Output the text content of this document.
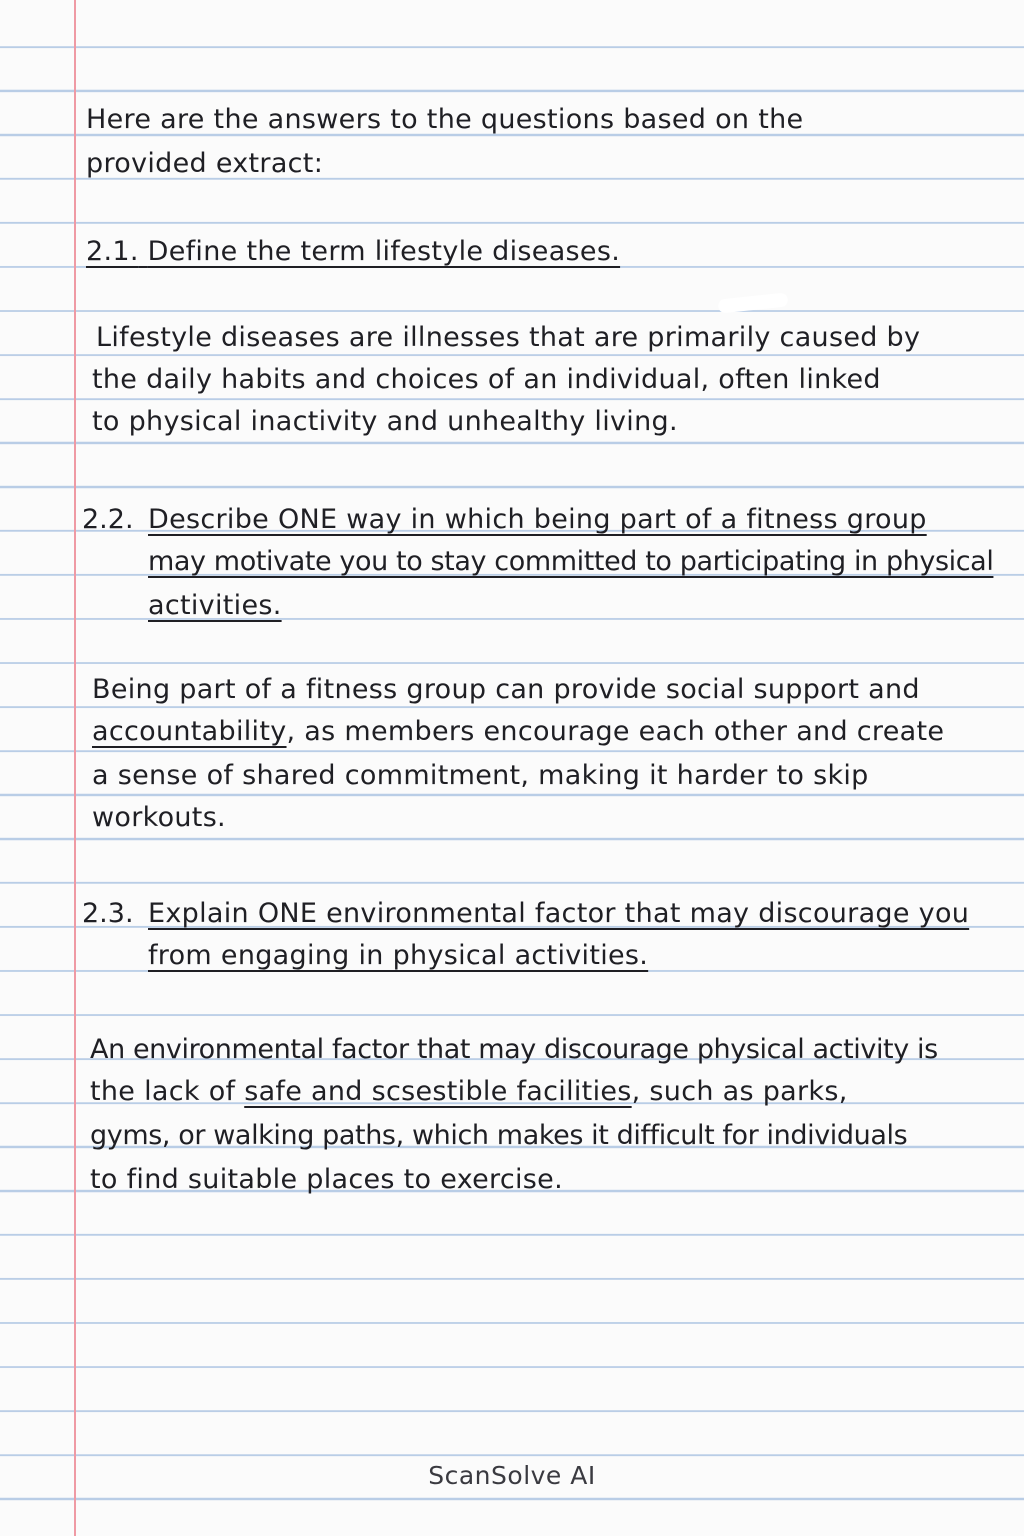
Here are the answers to the questions based on the
provided extract:
2.1. Define the term lifestyle diseases.
Lifestyle diseases are illnesses that are primarily caused by
the daily habits and choices of an individual, often linked
to physical inactivity and unhealthy living.
2.2. Describe ONE way in which being part of a fitness group
may motivate you to stay committed to participating in physical
activities.
Being part of a fitness group can provide social support and
accountability, as members encourage each other and create
a sense of shared commitment, making it harder to skip
workouts.
2.3. Explain ONE environmental factor that may discourage you
from engaging in physical activities.
An environmental factor that may discourage physical activity is
the lack of safe and scsestible facilities, such as parks,
gyms, or walking paths, which makes it difficult for individuals
to find suitable places to exercise.
ScanSolve AI
